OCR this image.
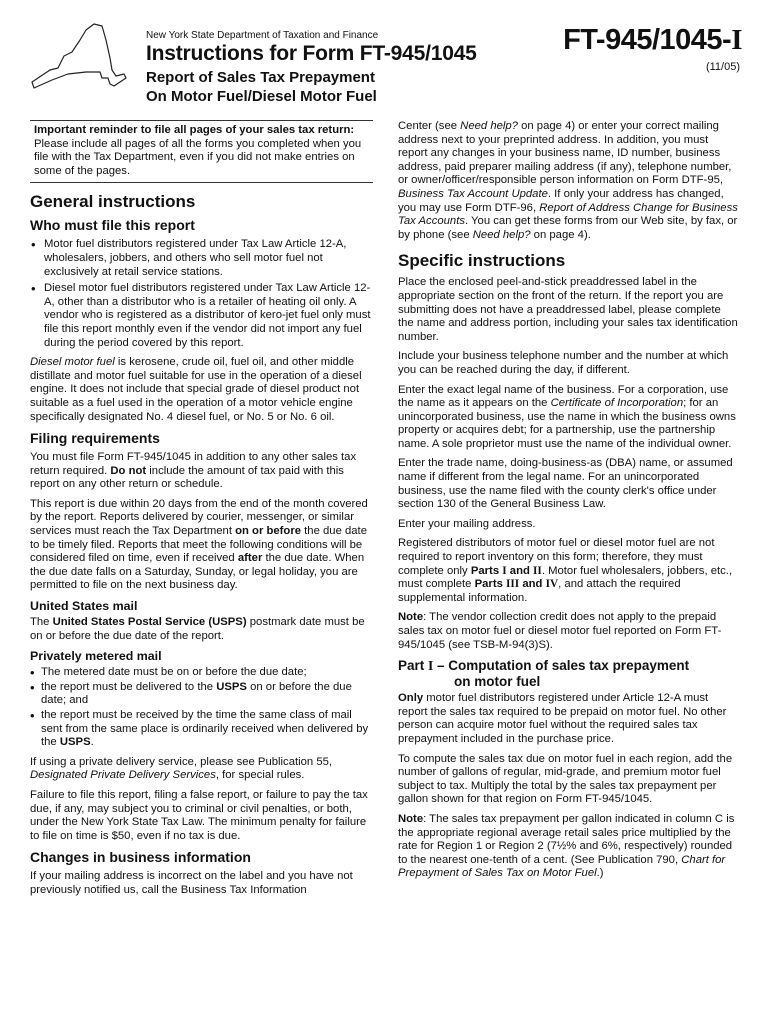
New York State Department of Taxation and Finance
Instructions for Form FT-945/1045
Report of Sales Tax Prepayment
On Motor Fuel/Diesel Motor Fuel
FT-945/1045-I
(11/05)
Important reminder to file all pages of your sales tax return: Please include all pages of all the forms you completed when you file with the Tax Department, even if you did not make entries on some of the pages.
General instructions
Who must file this report
• Motor fuel distributors registered under Tax Law Article 12-A, wholesalers, jobbers, and others who sell motor fuel not exclusively at retail service stations.
• Diesel motor fuel distributors registered under Tax Law Article 12-A, other than a distributor who is a retailer of heating oil only. A vendor who is registered as a distributor of kero-jet fuel only must file this report monthly even if the vendor did not import any fuel during the period covered by this report.

Diesel motor fuel is kerosene, crude oil, fuel oil, and other middle distillate and motor fuel suitable for use in the operation of a diesel engine. It does not include that special grade of diesel product not suitable as a fuel used in the operation of a motor vehicle engine specifically designated No. 4 diesel fuel, or No. 5 or No. 6 oil.

Filing requirements

You must file Form FT-945/1045 in addition to any other sales tax return required. Do not include the amount of tax paid with this report on any other return or schedule.

This report is due within 20 days from the end of the month covered by the report. Reports delivered by courier, messenger, or similar services must reach the Tax Department on or before the due date to be timely filed. Reports that meet the following conditions will be considered filed on time, even if received after the due date. When the due date falls on a Saturday, Sunday, or legal holiday, you are permitted to file on the next business day.

United States mail

The United States Postal Service (USPS) postmark date must be on or before the due date of the report.

Privately metered mail
• The metered date must be on or before the due date;
• the report must be delivered to the USPS on or before the due date; and
• the report must be received by the time the same class of mail sent from the same place is ordinarily received when delivered by the USPS.

If using a private delivery service, please see Publication 55, Designated Private Delivery Services, for special rules.

Failure to file this report, filing a false report, or failure to pay the tax due, if any, may subject you to criminal or civil penalties, or both, under the New York State Tax Law. The minimum penalty for failure to file on time is $50, even if no tax is due.

Changes in business information

If your mailing address is incorrect on the label and you have not previously notified us, call the Business Tax Information

Center (see Need help? on page 4) or enter your correct mailing address next to your preprinted address. In addition, you must report any changes in your business name, ID number, business address, paid preparer mailing address (if any), telephone number, or owner/officer/responsible person information on Form DTF-95, Business Tax Account Update. If only your address has changed, you may use Form DTF-96, Report of Address Change for Business Tax Accounts. You can get these forms from our Web site, by fax, or by phone (see Need help? on page 4).

Specific instructions

Place the enclosed peel-and-stick preaddressed label in the appropriate section on the front of the return. If the report you are submitting does not have a preaddressed label, please complete the name and address portion, including your sales tax identification number.

Include your business telephone number and the number at which you can be reached during the day, if different.

Enter the exact legal name of the business. For a corporation, use the name as it appears on the Certificate of Incorporation; for an unincorporated business, use the name in which the business owns property or acquires debt; for a partnership, use the partnership name. A sole proprietor must use the name of the individual owner.

Enter the trade name, doing-business-as (DBA) name, or assumed name if different from the legal name. For an unincorporated business, use the name filed with the county clerk's office under section 130 of the General Business Law.

Enter your mailing address.

Registered distributors of motor fuel or diesel motor fuel are not required to report inventory on this form; therefore, they must complete only Parts I and II. Motor fuel wholesalers, jobbers, etc., must complete Parts III and IV, and attach the required supplemental information.

Note: The vendor collection credit does not apply to the prepaid sales tax on motor fuel or diesel motor fuel reported on Form FT-945/1045 (see TSB-M-94(3)S).

Part I – Computation of sales tax prepayment
on motor fuel

Only motor fuel distributors registered under Article 12-A must report the sales tax required to be prepaid on motor fuel. No other person can acquire motor fuel without the required sales tax prepayment included in the purchase price.

To compute the sales tax due on motor fuel in each region, add the number of gallons of regular, mid-grade, and premium motor fuel subject to tax. Multiply the total by the sales tax prepayment per gallon shown for that region on Form FT-945/1045.

Note: The sales tax prepayment per gallon indicated in column C is the appropriate regional average retail sales price multiplied by the rate for Region 1 or Region 2 (7½% and 6%, respectively) rounded to the nearest one-tenth of a cent. (See Publication 790, Chart for Prepayment of Sales Tax on Motor Fuel.)
